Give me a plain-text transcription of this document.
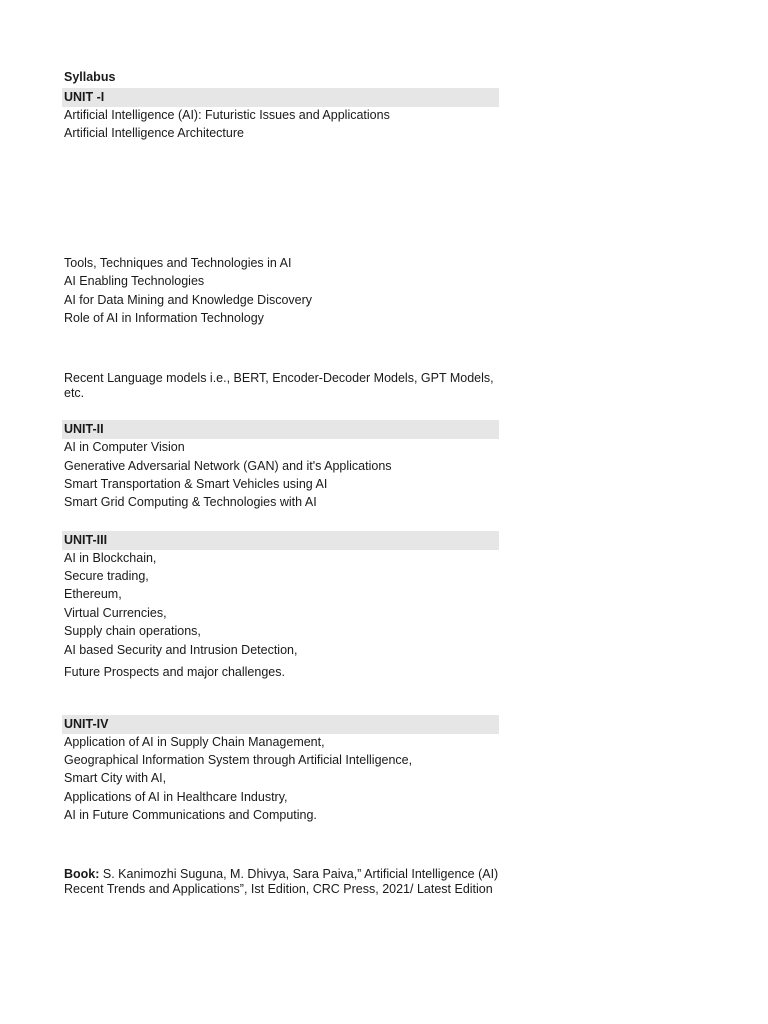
Syllabus
UNIT -I
Artificial Intelligence (AI): Futuristic Issues and Applications
Artificial Intelligence Architecture
Tools, Techniques and Technologies in AI
AI Enabling Technologies
AI for Data Mining and Knowledge Discovery
Role of AI in Information Technology
Recent Language models i.e., BERT, Encoder-Decoder Models, GPT Models, etc.
UNIT-II
AI in Computer Vision
Generative Adversarial Network (GAN) and it's Applications
Smart Transportation & Smart Vehicles using AI
Smart Grid Computing & Technologies with AI
UNIT-III
AI in Blockchain,
Secure trading,
Ethereum,
Virtual Currencies,
Supply chain operations,
AI based Security and Intrusion Detection,
Future Prospects and major challenges.
UNIT-IV
Application of AI in Supply Chain Management,
Geographical Information System through Artificial Intelligence,
Smart City with AI,
Applications of AI in Healthcare Industry,
AI in Future Communications and Computing.
Book: S. Kanimozhi Suguna, M. Dhivya, Sara Paiva,” Artificial Intelligence (AI) Recent Trends and Applications”, Ist Edition, CRC Press, 2021/ Latest Edition
